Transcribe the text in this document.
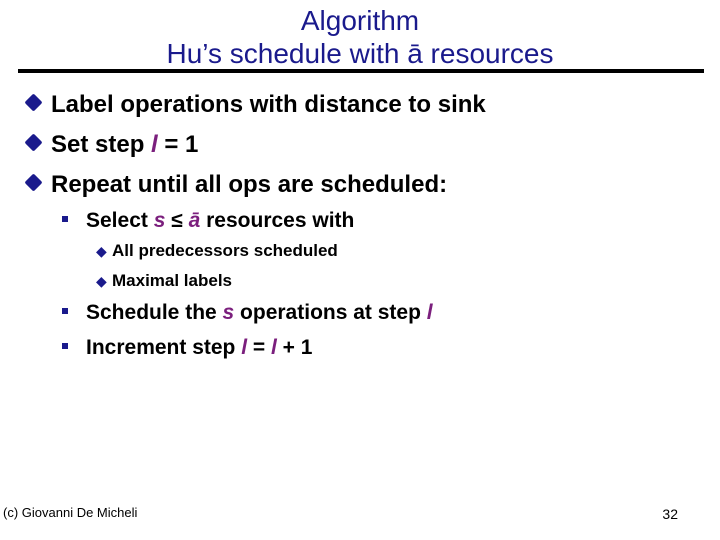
Algorithm
Hu’s schedule with ā resources
Label operations with distance to sink
Set step l = 1
Repeat until all ops are scheduled:
Select s ≤ ā resources with
◆ All predecessors scheduled
◆ Maximal labels
Schedule the s operations at step l
Increment step l = l + 1
(c) Giovanni De Micheli	32
